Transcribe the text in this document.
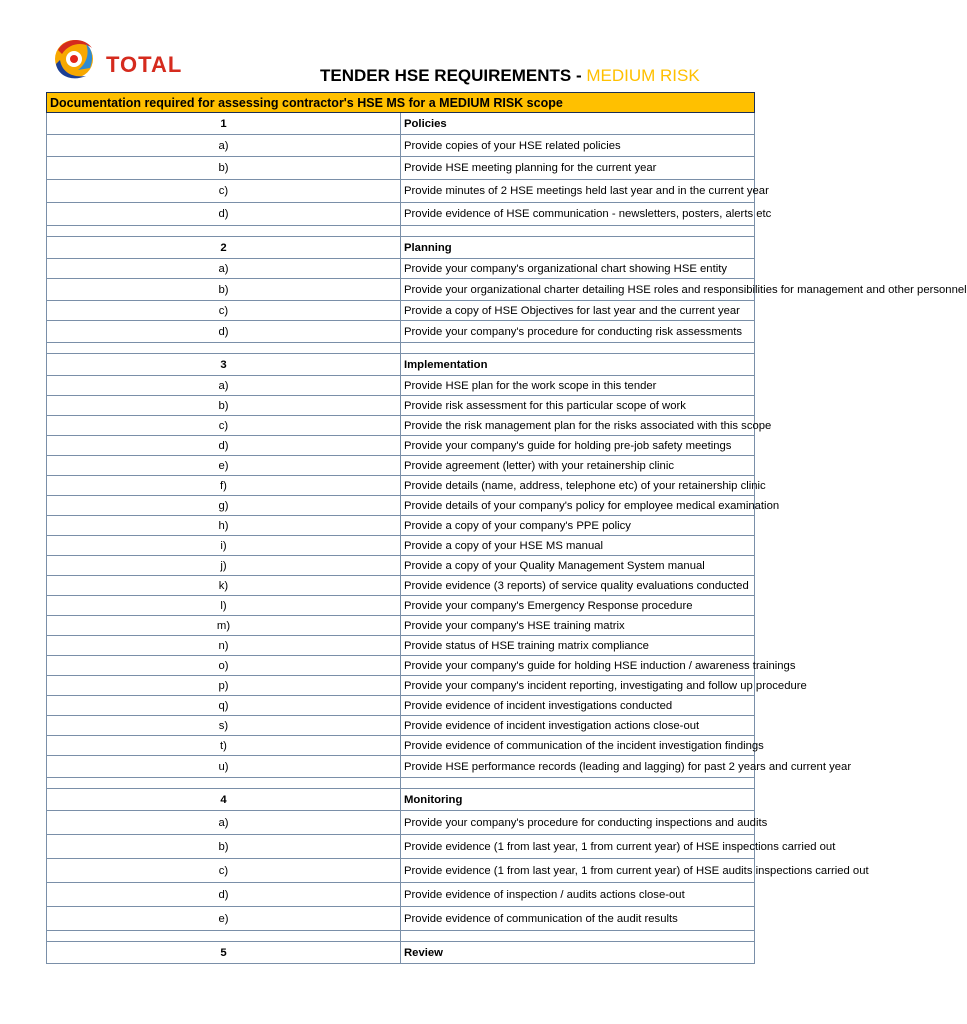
TOTAL	TENDER HSE REQUIREMENTS - MEDIUM RISK
Documentation required for assessing contractor's HSE MS for a MEDIUM RISK scope	
1	Policies
a)	Provide copies of your HSE related policies
b)	Provide HSE meeting planning for the current year
c)	Provide minutes of 2 HSE meetings held last year and in the current year
d)	Provide evidence of HSE communication - newsletters, posters, alerts etc

2	Planning
a)	Provide your company's organizational chart showing HSE entity
b)	Provide your organizational charter detailing HSE roles and responsibilities for management and other personnel
c)	Provide a copy of HSE Objectives for last year and the current year
d)	Provide your company's procedure for conducting risk assessments

3	Implementation
a)	Provide HSE plan for the work scope in this tender
b)	Provide risk assessment for this particular scope of work
c)	Provide the risk management plan for the risks associated with this scope
d)	Provide your company's guide for holding pre-job safety meetings
e)	Provide agreement (letter) with your retainership clinic
f)	Provide details (name, address, telephone etc) of your retainership clinic
g)	Provide details of your company's policy for employee medical examination
h)	Provide a copy of your company's PPE policy
i)	Provide a copy of your HSE MS manual
j)	Provide a copy of your Quality Management System manual
k)	Provide evidence (3 reports) of service quality evaluations conducted
l)	Provide your company's Emergency Response procedure
m)	Provide your company's HSE training matrix
n)	Provide status of HSE training matrix compliance
o)	Provide your company's guide for holding HSE induction / awareness trainings
p)	Provide your company's incident reporting, investigating and follow up procedure
q)	Provide evidence of incident investigations conducted
s)	Provide evidence of incident investigation actions close-out
t)	Provide evidence of communication of the incident investigation findings
u)	Provide HSE performance records (leading and lagging) for past 2 years and current year

4	Monitoring
a)	Provide your company's procedure for conducting inspections and audits
b)	Provide evidence (1 from last year, 1 from current year) of HSE inspections carried out
c)	Provide evidence (1 from last year, 1 from current year) of HSE audits inspections carried out
d)	Provide evidence of inspection / audits actions close-out
e)	Provide evidence of communication of the audit results

5	Review
